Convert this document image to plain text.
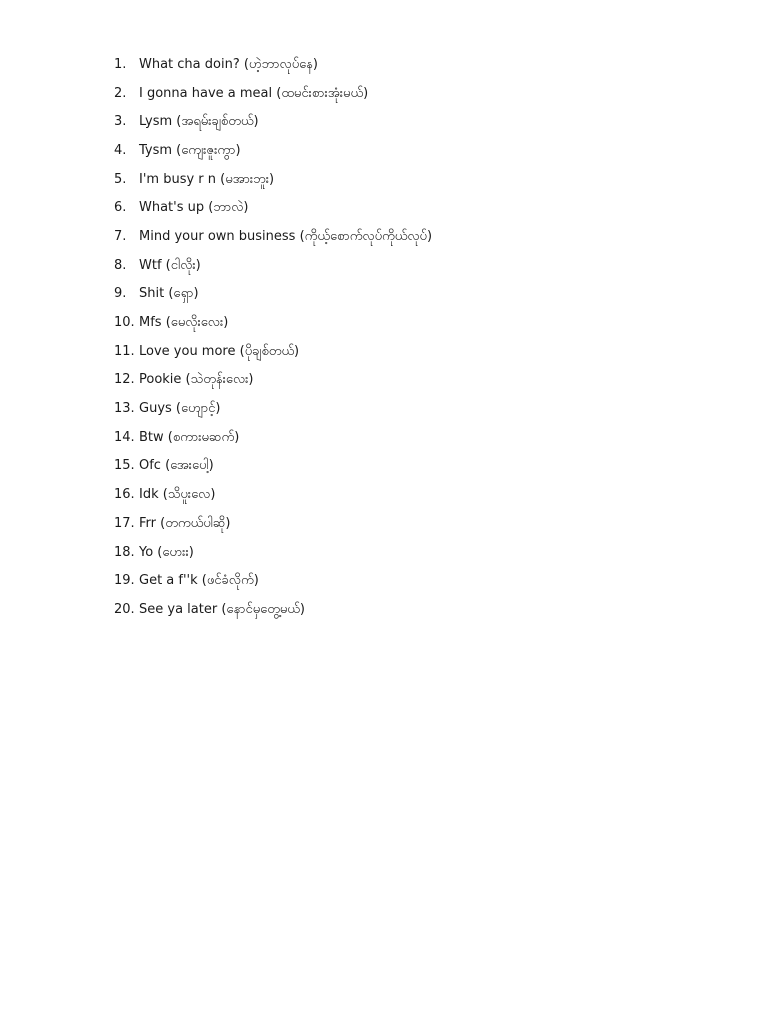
1. What cha doin? (ဟဲ့ဘာလုပ်နေ)
2. I gonna have a meal (ထမင်းစားအုံးမယ်)
3. Lysm (အရမ်းချစ်တယ်)
4. Tysm (ကျေးဇူးကွာ)
5. I'm busy r n (မအားဘူး)
6. What's up (ဘာလဲ)
7. Mind your own business (ကိုယ့်စောက်လုပ်ကိုယ်လုပ်)
8. Wtf (ငါလိုး)
9. Shit (ရှော)
10. Mfs (မေလိုးလေး)
11. Love you more (ပိုချစ်တယ်)
12. Pookie (သဲတုန်းလေး)
13. Guys (ဟျောင့်)
14. Btw (စကားမဆက်)
15. Ofc (အေးပေါ့)
16. Idk (သိပူးလေ)
17. Frr (တကယ်ပါဆို)
18. Yo (ဟေးး)
19. Get a f''k (ဖင်ခံလိုက်)
20. See ya later (နောင်မှတွေ့မယ်)
